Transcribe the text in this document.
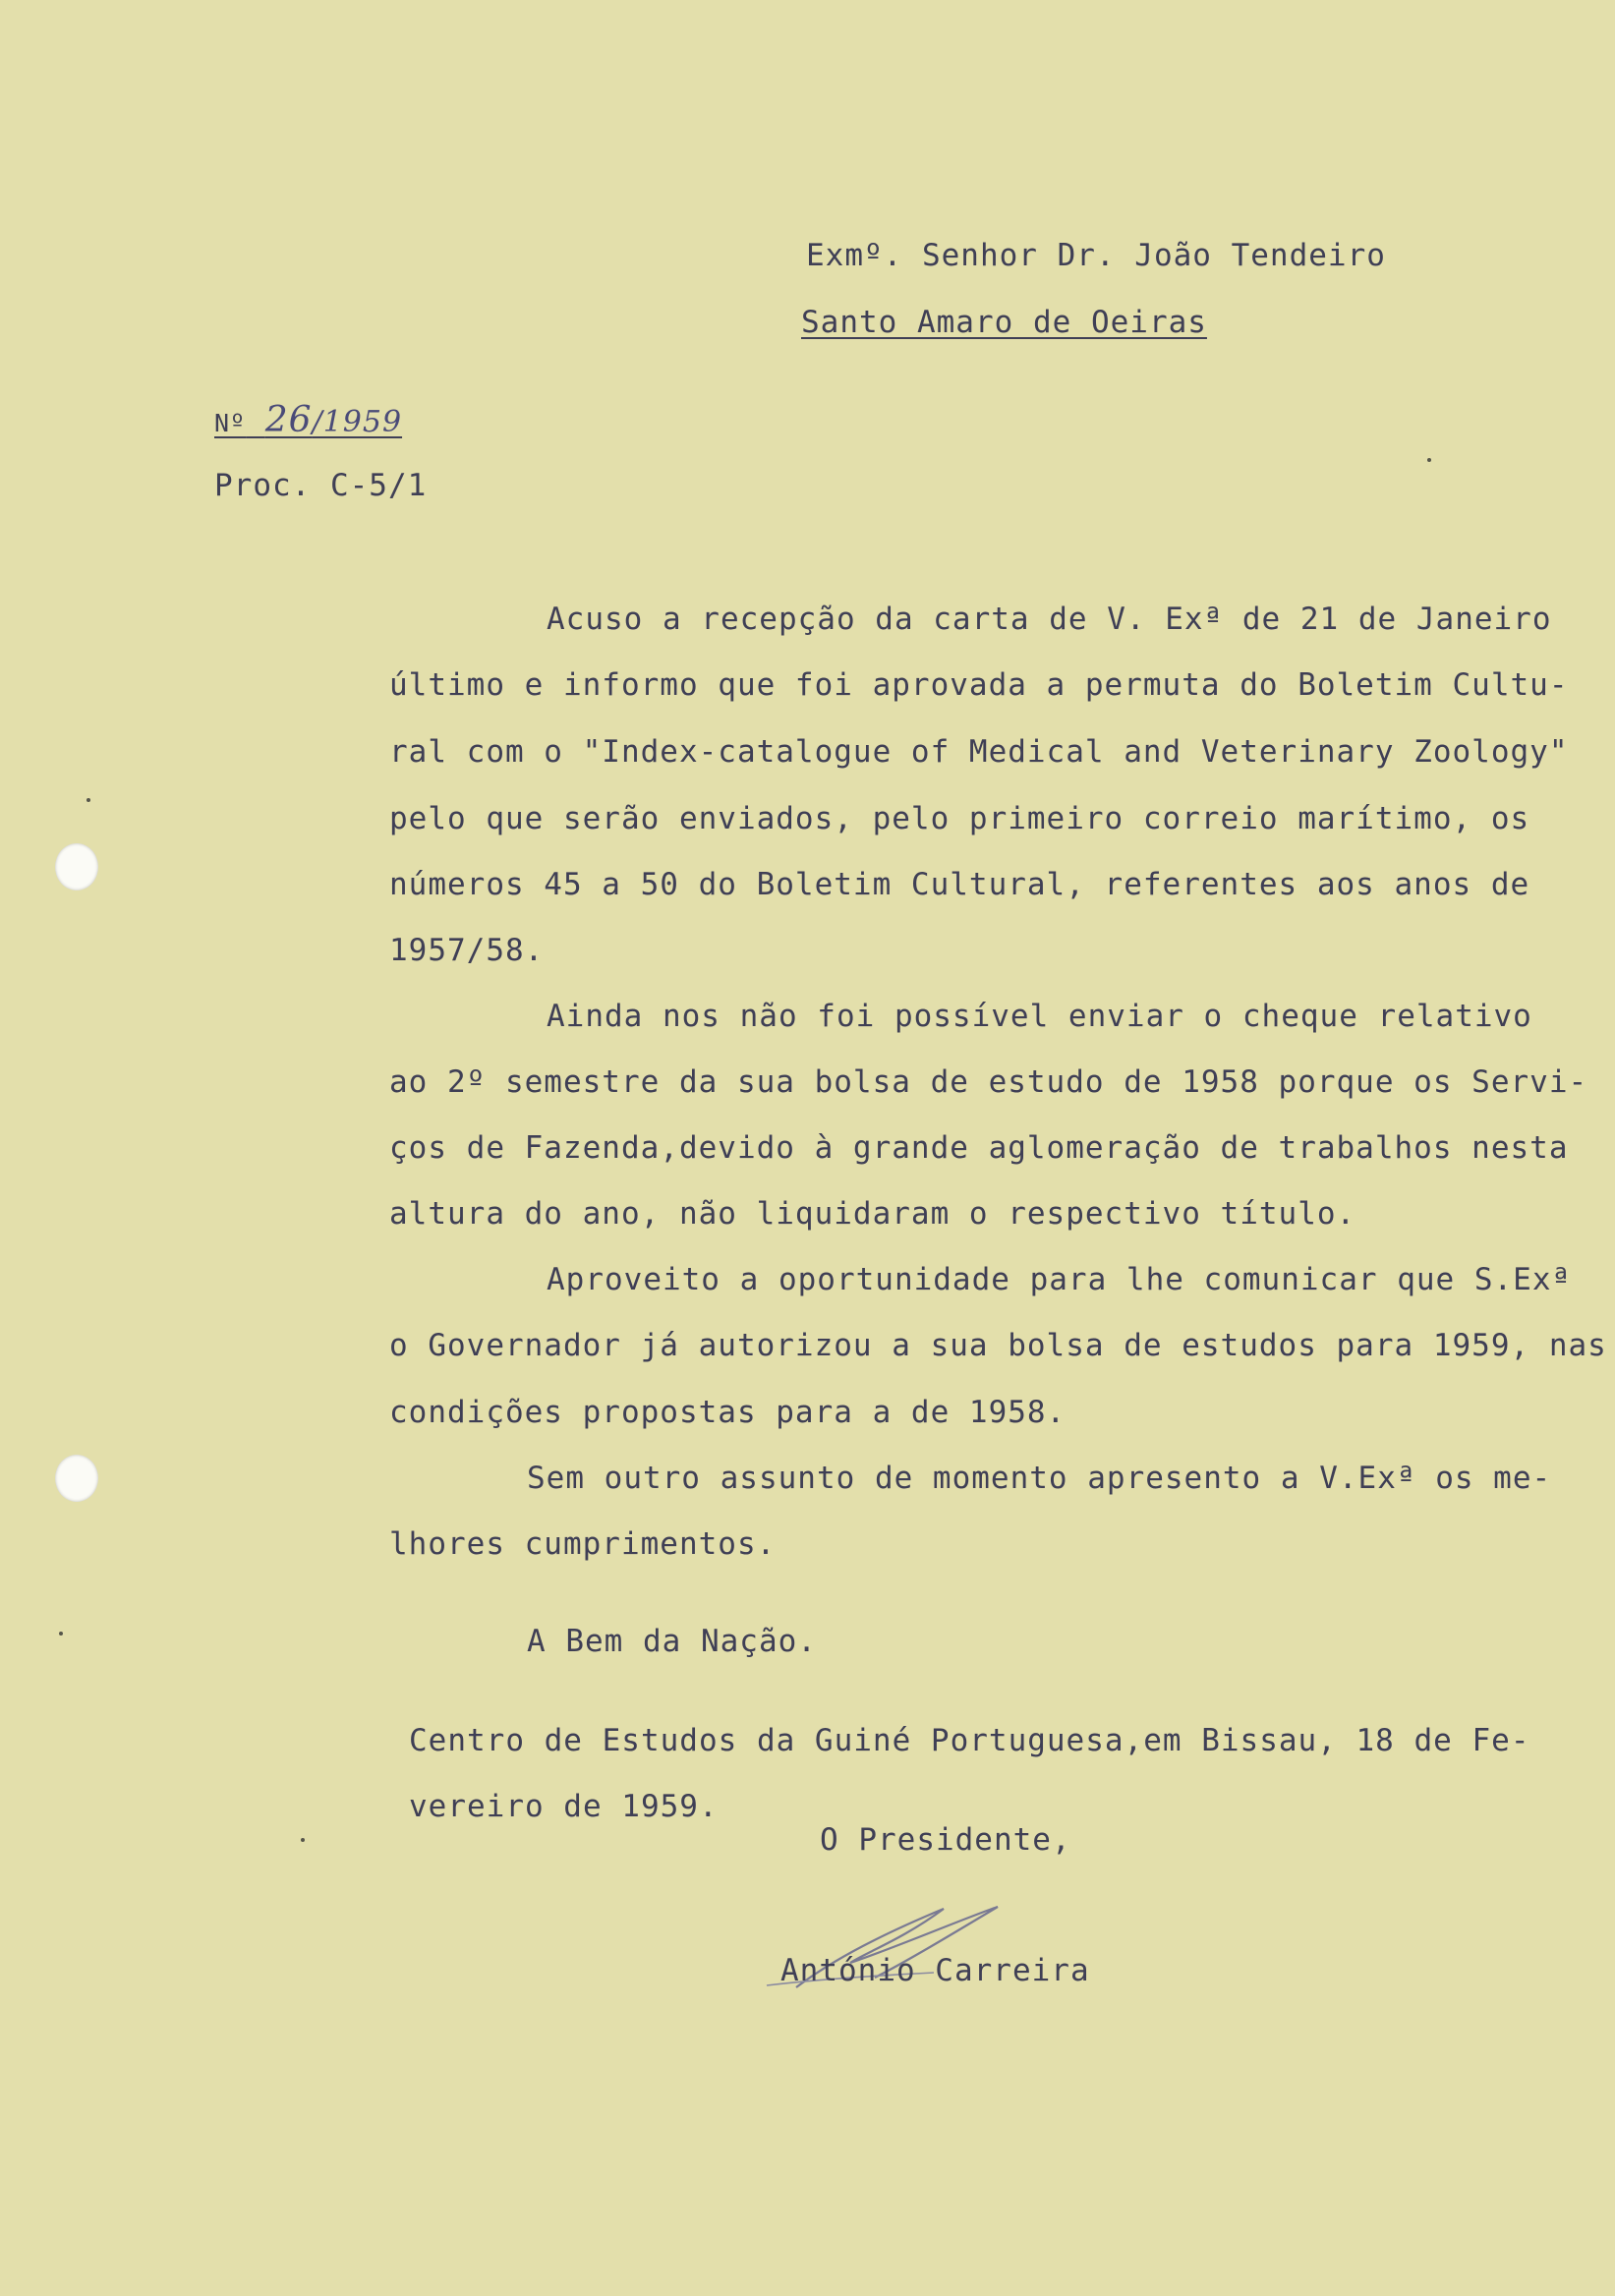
Exmº. Senhor Dr. João Tendeiro
Santo Amaro de Oeiras
Nº 26/1959
Proc. C-5/1
Acuso a recepção da carta de V. Exª de 21 de Janeiro
último e informo que foi aprovada a permuta do Boletim Cultu-
ral com o "Index-catalogue of Medical and Veterinary Zoology"
pelo que serão enviados, pelo primeiro correio marítimo, os
números 45 a 50 do Boletim Cultural, referentes aos anos de
1957/58.
Ainda nos não foi possível enviar o cheque relativo
ao 2º semestre da sua bolsa de estudo de 1958 porque os Servi-
ços de Fazenda,devido à grande aglomeração de trabalhos nesta
altura do ano, não liquidaram o respectivo título.
Aproveito a oportunidade para lhe comunicar que S.Exª
o Governador já autorizou a sua bolsa de estudos para 1959, nas
condições propostas para a de 1958.
Sem outro assunto de momento apresento a V.Exª os me-
lhores cumprimentos.
A Bem da Nação.
Centro de Estudos da Guiné Portuguesa,em Bissau, 18 de Fe-
vereiro de 1959.
O Presidente,
António Carreira
